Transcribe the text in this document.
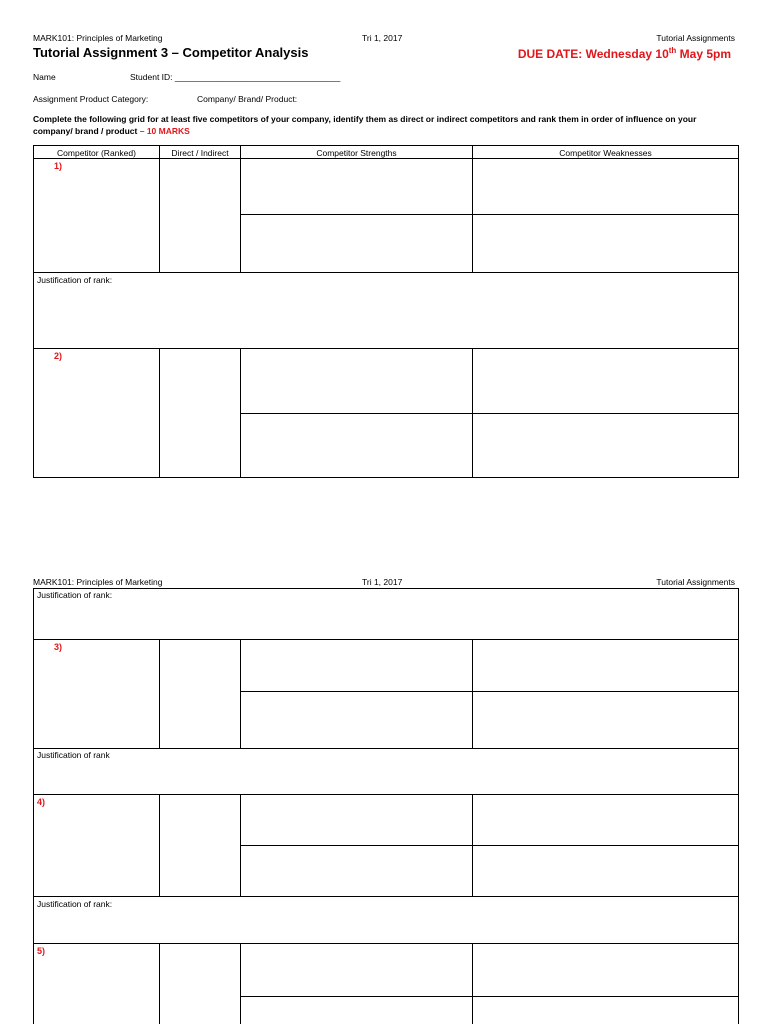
MARK101: Principles of Marketing	Tri 1, 2017	Tutorial Assignments
Tutorial Assignment 3 – Competitor Analysis	DUE DATE: Wednesday 10th May 5pm
Name	Student ID: ___________________________________
Assignment Product Category:	Company/ Brand/ Product:
Complete the following grid for at least five competitors of your company, identify them as direct or indirect competitors and rank them in order of influence on your company/ brand / product – 10 MARKS
Competitor (Ranked)	Direct / Indirect	Competitor Strengths	Competitor Weaknesses
1)
Justification of rank:
2)
MARK101: Principles of Marketing	Tri 1, 2017	Tutorial Assignments
Justification of rank:
3)
Justification of rank
4)
Justification of rank:
5)
